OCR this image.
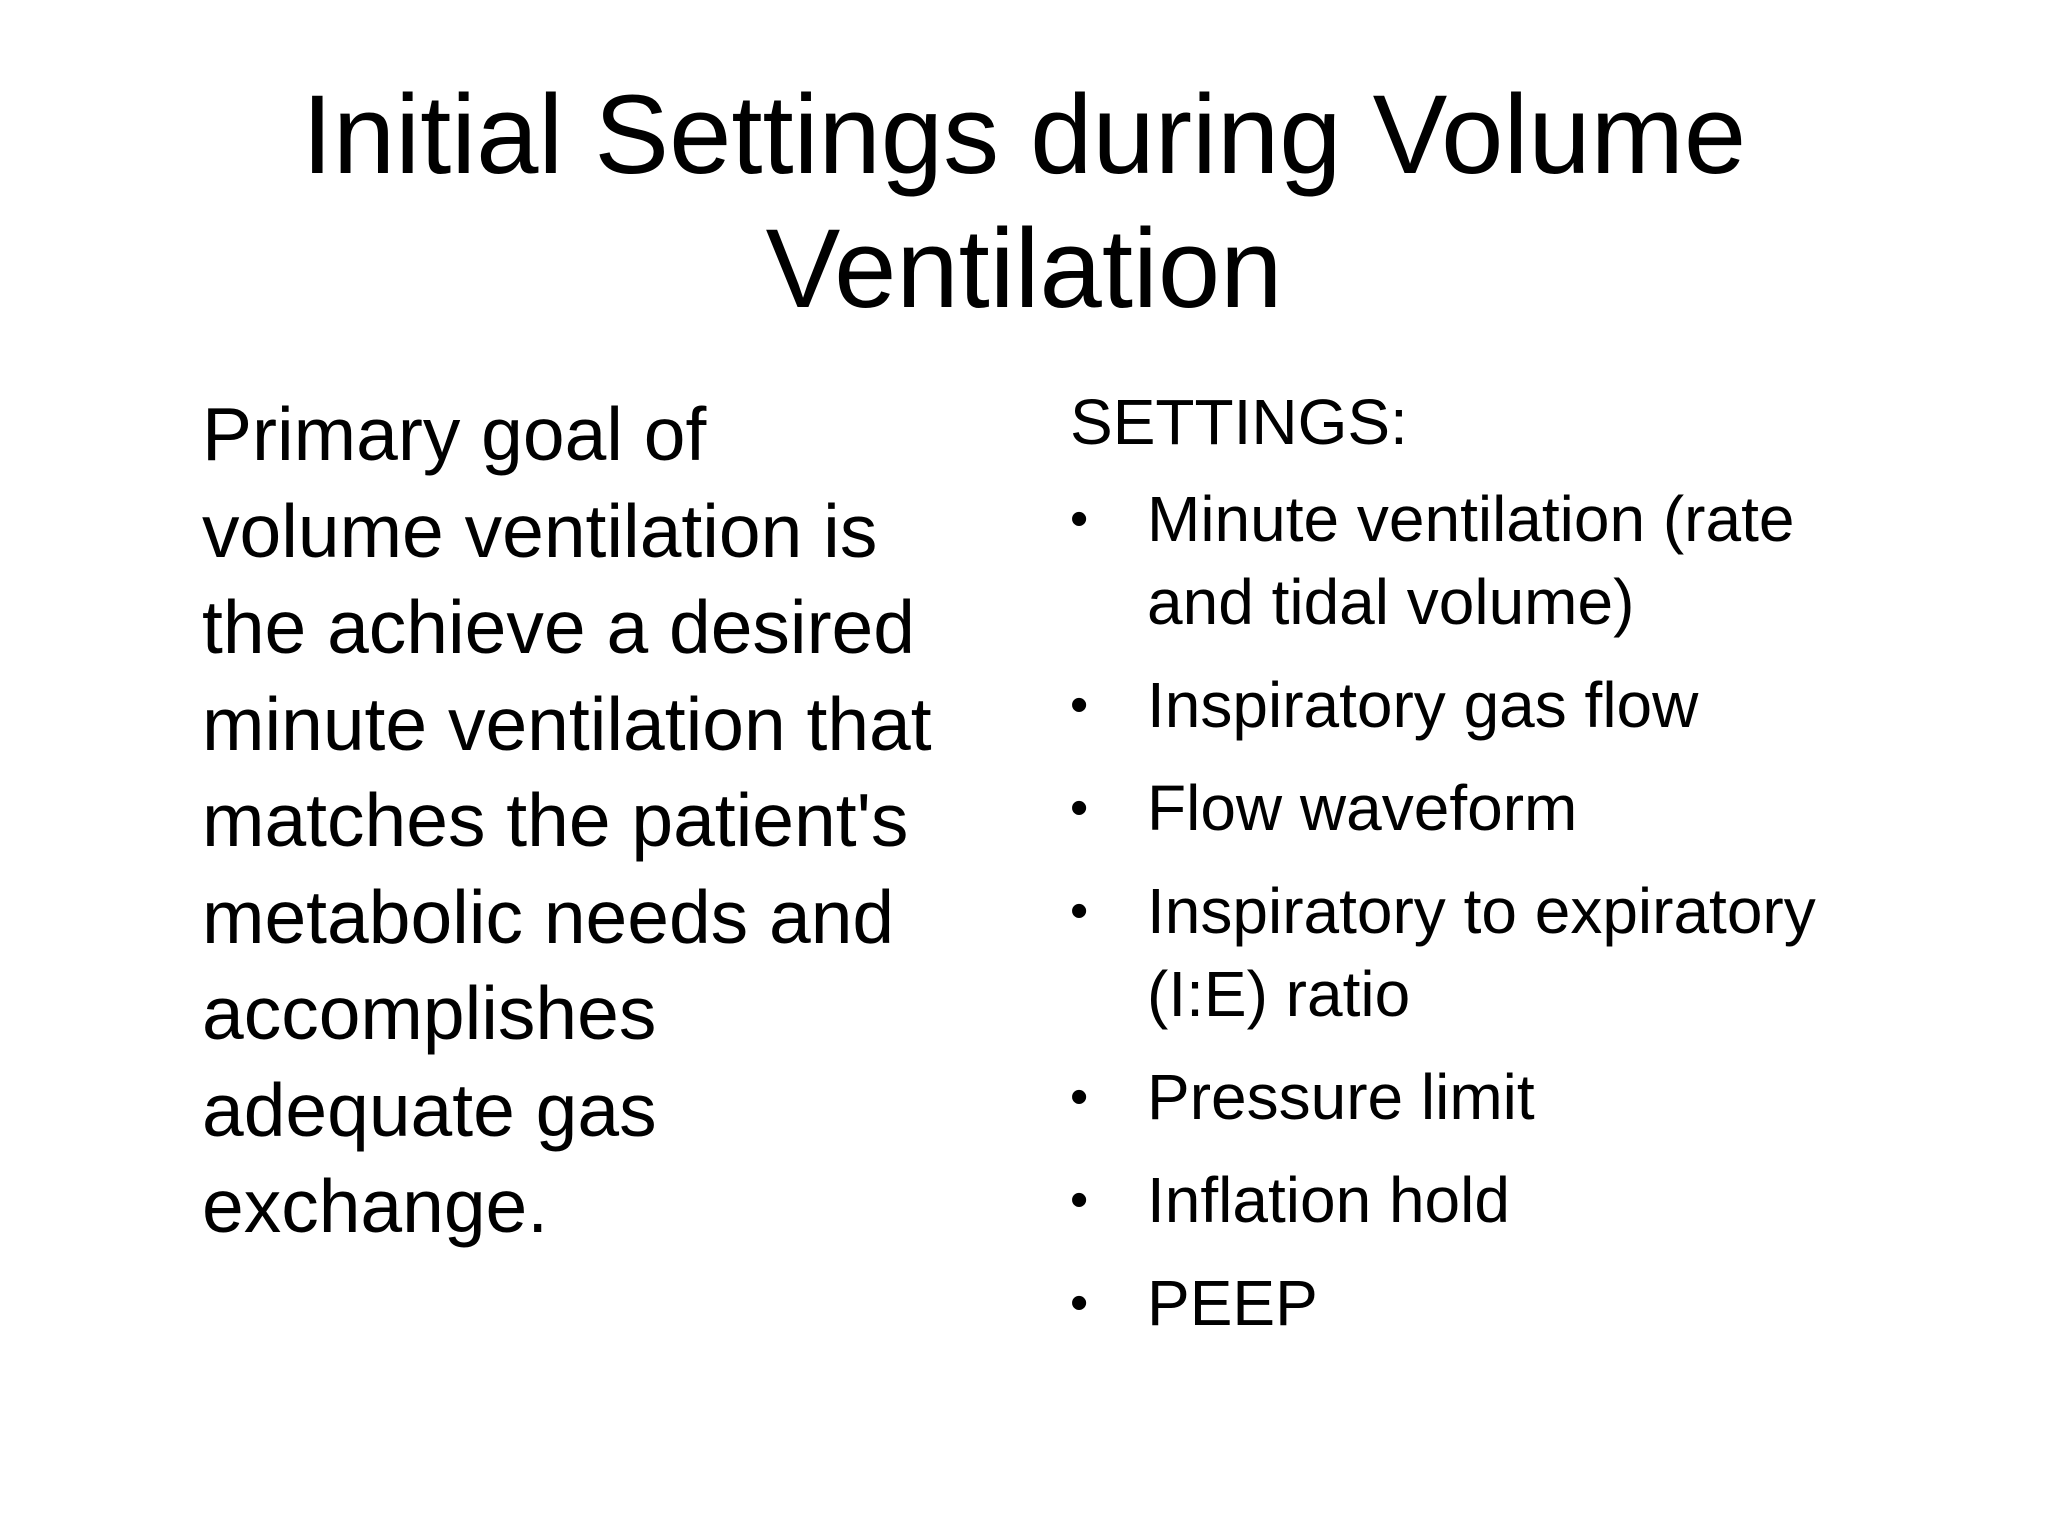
Initial Settings during Volume
Ventilation

Primary goal of
volume ventilation is
the achieve a desired
minute ventilation that
matches the patient's
metabolic needs and
accomplishes
adequate gas
exchange.

SETTINGS:
• Minute ventilation (rate
and tidal volume)
• Inspiratory gas flow
• Flow waveform
• Inspiratory to expiratory
(I:E) ratio
• Pressure limit
• Inflation hold
• PEEP
